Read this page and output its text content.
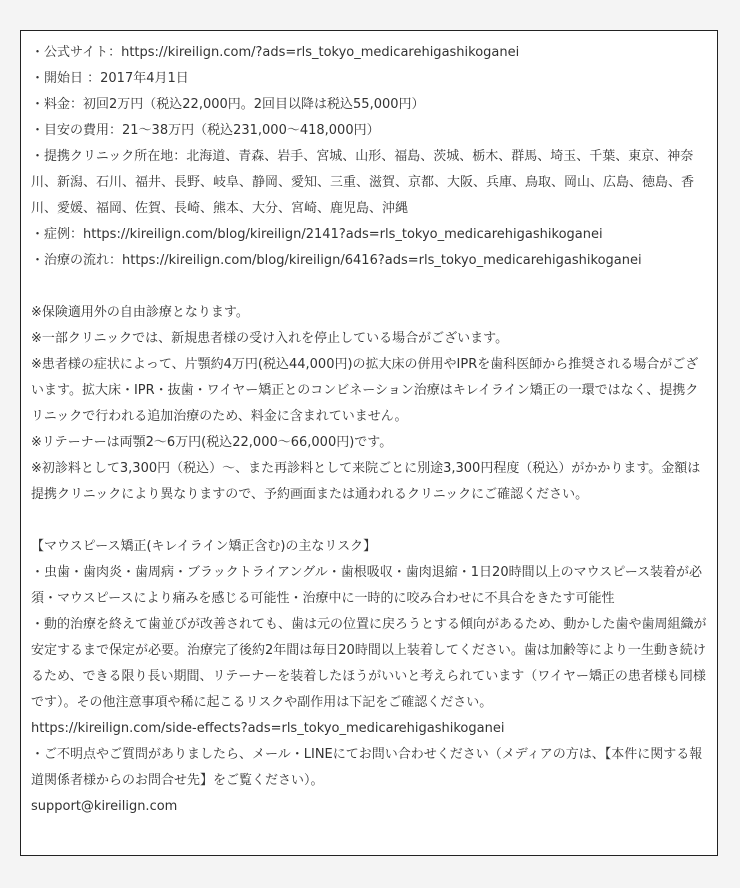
・公式サイト：https://kireilign.com/?ads=rls_tokyo_medicarehigashikoganei

・開始日 ：2017年4月1日

・料金：初回2万円（税込22,000円。2回目以降は税込55,000円）

・目安の費用：21〜38万円（税込231,000〜418,000円）

・提携クリニック所在地：北海道、青森、岩手、宮城、山形、福島、茨城、栃木、群馬、埼玉、千葉、東京、神奈川、新潟、石川、福井、長野、岐阜、静岡、愛知、三重、滋賀、京都、大阪、兵庫、鳥取、岡山、広島、徳島、香川、愛媛、福岡、佐賀、長崎、熊本、大分、宮崎、鹿児島、沖縄

・症例：https://kireilign.com/blog/kireilign/2141?ads=rls_tokyo_medicarehigashikoganei

・治療の流れ：https://kireilign.com/blog/kireilign/6416?ads=rls_tokyo_medicarehigashikoganei

※保険適用外の自由診療となります。

※一部クリニックでは、新規患者様の受け入れを停止している場合がございます。

※患者様の症状によって、片顎約4万円(税込44,000円)の拡大床の併用やIPRを歯科医師から推奨される場合がございます。拡大床・IPR・抜歯・ワイヤー矯正とのコンビネーション治療はキレイライン矯正の一環ではなく、提携クリニックで行われる追加治療のため、料金に含まれていません。

※リテーナーは両顎2〜6万円(税込22,000〜66,000円)です。

※初診料として3,300円（税込）〜、また再診料として来院ごとに別途3,300円程度（税込）がかかります。金額は提携クリニックにより異なりますので、予約画面または通われるクリニックにご確認ください。

【マウスピース矯正(キレイライン矯正含む)の主なリスク】

・虫歯・歯肉炎・歯周病・ブラックトライアングル・歯根吸収・歯肉退縮・1日20時間以上のマウスピース装着が必須・マウスピースにより痛みを感じる可能性・治療中に一時的に咬み合わせに不具合をきたす可能性

・動的治療を終えて歯並びが改善されても、歯は元の位置に戻ろうとする傾向があるため、動かした歯や歯周組織が安定するまで保定が必要。治療完了後約2年間は毎日20時間以上装着してください。歯は加齢等により一生動き続けるため、できる限り長い期間、リテーナーを装着したほうがいいと考えられています（ワイヤー矯正の患者様も同様です）。その他注意事項や稀に起こるリスクや副作用は下記をご確認ください。

https://kireilign.com/side-effects?ads=rls_tokyo_medicarehigashikoganei

・ご不明点やご質問がありましたら、メール・LINEにてお問い合わせください（メディアの方は、【本件に関する報道関係者様からのお問合せ先】をご覧ください）。

support@kireilign.com
